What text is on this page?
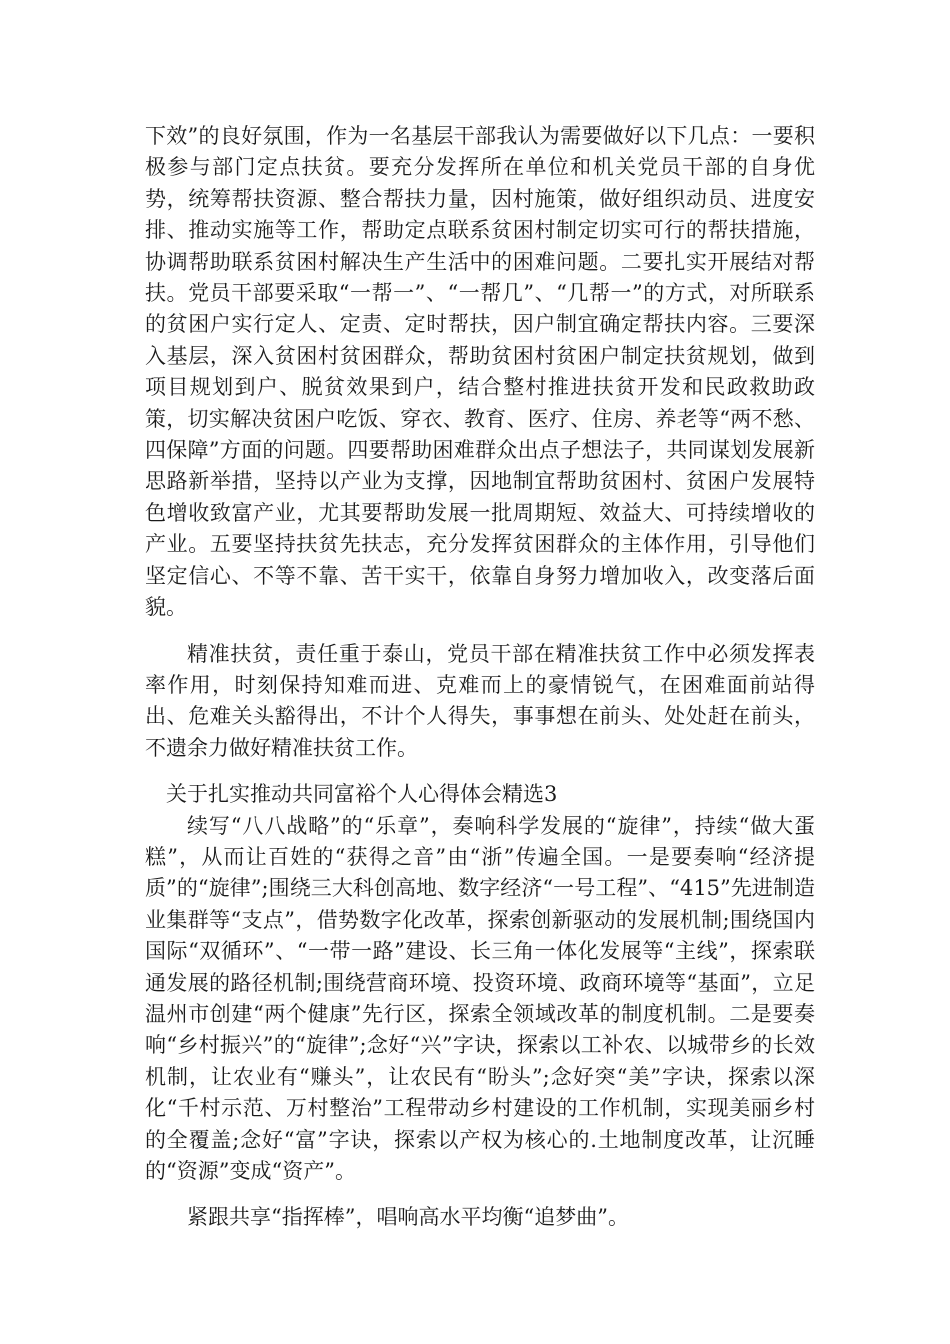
下效”的良好氛围，作为一名基层干部我认为需要做好以下几点：一要积极参与部门定点扶贫。要充分发挥所在单位和机关党员干部的自身优势，统筹帮扶资源、整合帮扶力量，因村施策，做好组织动员、进度安排、推动实施等工作，帮助定点联系贫困村制定切实可行的帮扶措施，协调帮助联系贫困村解决生产生活中的困难问题。二要扎实开展结对帮扶。党员干部要采取“一帮一”、“一帮几”、“几帮一”的方式，对所联系的贫困户实行定人、定责、定时帮扶，因户制宜确定帮扶内容。三要深入基层，深入贫困村贫困群众，帮助贫困村贫困户制定扶贫规划，做到项目规划到户、脱贫效果到户，结合整村推进扶贫开发和民政救助政策，切实解决贫困户吃饭、穿衣、教育、医疗、住房、养老等“两不愁、四保障”方面的问题。四要帮助困难群众出点子想法子，共同谋划发展新思路新举措，坚持以产业为支撑，因地制宜帮助贫困村、贫困户发展特色增收致富产业，尤其要帮助发展一批周期短、效益大、可持续增收的产业。五要坚持扶贫先扶志，充分发挥贫困群众的主体作用，引导他们坚定信心、不等不靠、苦干实干，依靠自身努力增加收入，改变落后面貌。

精准扶贫，责任重于泰山，党员干部在精准扶贫工作中必须发挥表率作用，时刻保持知难而进、克难而上的豪情锐气，在困难面前站得出、危难关头豁得出，不计个人得失，事事想在前头、处处赶在前头，不遗余力做好精准扶贫工作。

关于扎实推动共同富裕个人心得体会精选3

续写“八八战略”的“乐章”，奏响科学发展的“旋律”，持续“做大蛋糕”，从而让百姓的“获得之音”由“浙”传遍全国。一是要奏响“经济提质”的“旋律”;围绕三大科创高地、数字经济“一号工程”、“415”先进制造业集群等“支点”，借势数字化改革，探索创新驱动的发展机制;围绕国内国际“双循环”、“一带一路”建设、长三角一体化发展等“主线”，探索联通发展的路径机制;围绕营商环境、投资环境、政商环境等“基面”，立足温州市创建“两个健康”先行区，探索全领域改革的制度机制。二是要奏响“乡村振兴”的“旋律”;念好“兴”字诀，探索以工补农、以城带乡的长效机制，让农业有“赚头”，让农民有“盼头”;念好突“美”字诀，探索以深化“千村示范、万村整治”工程带动乡村建设的工作机制，实现美丽乡村的全覆盖;念好“富”字诀，探索以产权为核心的.土地制度改革，让沉睡的“资源”变成“资产”。

紧跟共享“指挥棒”，唱响高水平均衡“追梦曲”。
